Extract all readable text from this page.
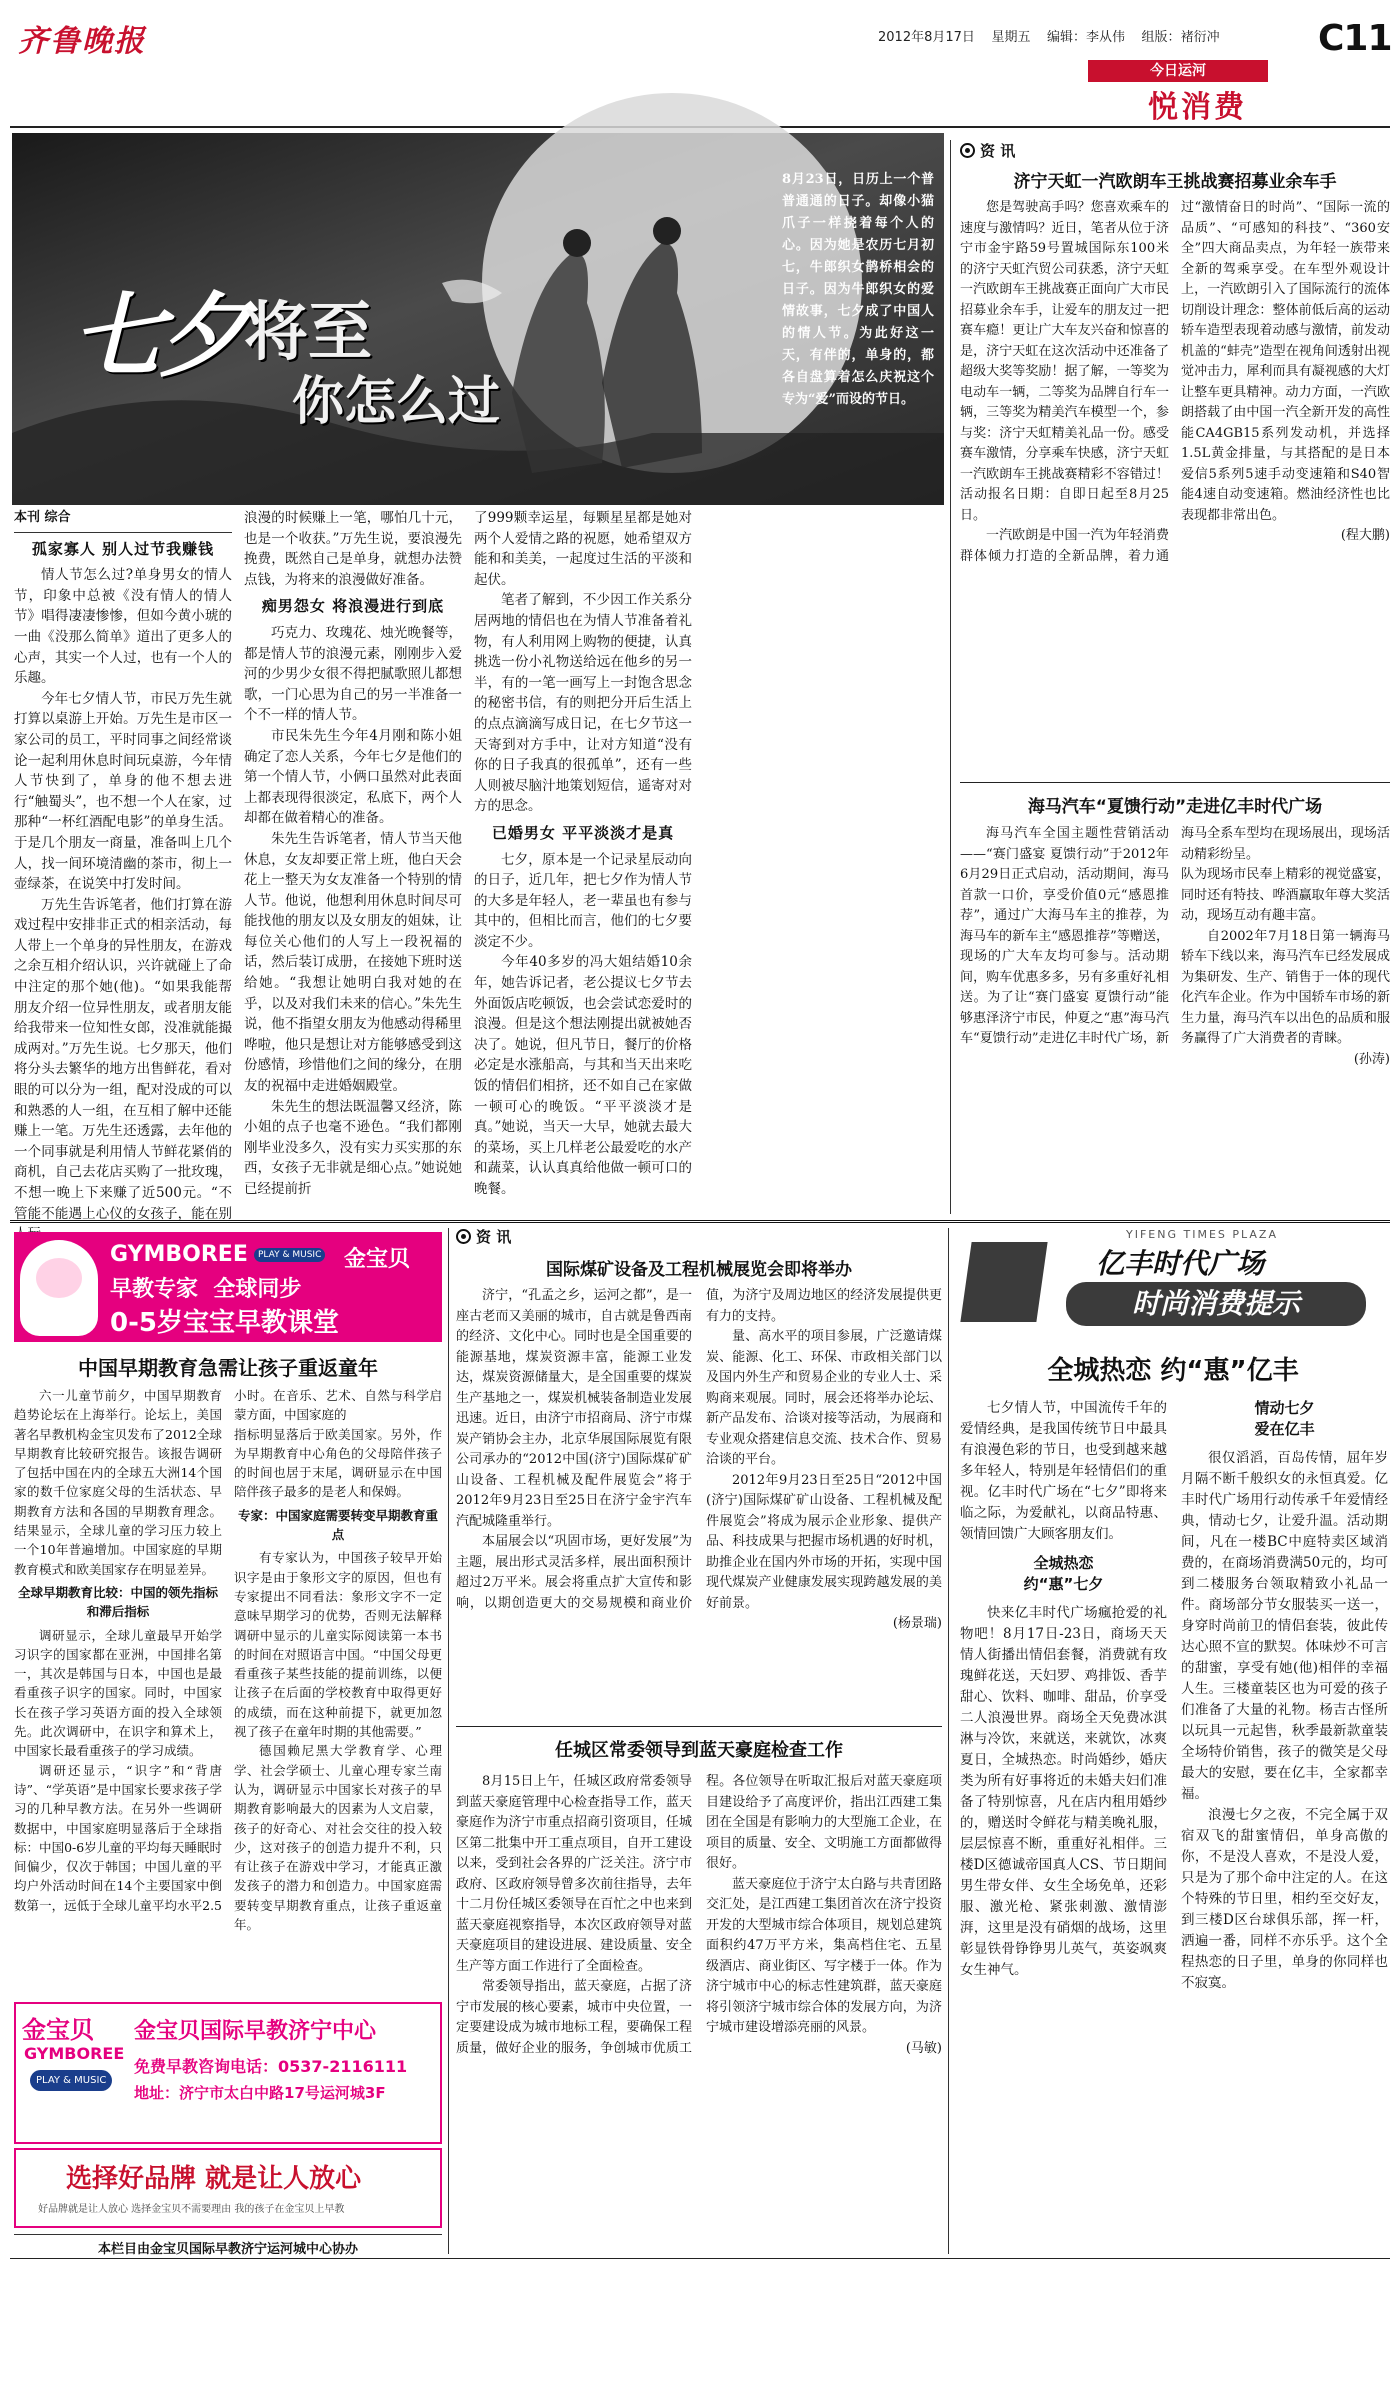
齐鲁晚报	2012年8月17日 星期五 编辑：李从伟 组版：褚衍冲	C11
今日运河
悦消费
七夕 将至
你怎么过
8月23日，日历上一个普普通通的日子。却像小猫爪子一样挠着每个人的心。因为她是农历七月初七，牛郎织女鹊桥相会的日子。因为牛郎织女的爱情故事，七夕成了中国人的情人节。为此好这一天，有伴的，单身的，都各自盘算着怎么庆祝这个专为“爱”而设的节日。
本刊 综合
孤家寡人 别人过节我赚钱

情人节怎么过?单身男女的情人节，印象中总被《没有情人的情人节》唱得凄凄惨惨，但如今黄小琥的一曲《没那么简单》道出了更多人的心声，其实一个人过，也有一个人的乐趣。

今年七夕情人节，市民万先生就打算以桌游上开始。万先生是市区一家公司的员工，平时同事之间经常谈论一起利用休息时间玩桌游，今年情人节快到了，单身的他不想去进行“触蜀头”，也不想一个人在家，过那种“一杯红酒配电影”的单身生活。于是几个朋友一商量，准备叫上几个人，找一间环境清幽的茶市，彻上一壶绿茶，在说笑中打发时间。

万先生告诉笔者，他们打算在游戏过程中安排非正式的相亲活动，每人带上一个单身的异性朋友，在游戏之余互相介绍认识，兴许就碰上了命中注定的那个她(他)。“如果我能帮朋友介绍一位异性朋友，或者朋友能给我带来一位知性女郎，没准就能撮成两对。”万先生说。七夕那天，他们将分头去繁华的地方出售鲜花，看对眼的可以分为一组，配对没成的可以和熟悉的人一组，在互相了解中还能赚上一笔。万先生还透露，去年他的一个同事就是利用情人节鲜花紧俏的商机，自己去花店买购了一批玫瑰，不想一晚上下来赚了近500元。“不管能不能遇上心仪的女孩子，能在别

浪漫的时候赚上一笔，哪怕几十元，也是一个收获。”万先生说，要浪漫先挽费，既然自己是单身，就想办法赞点钱，为将来的浪漫做好准备。

痴男怨女 将浪漫进行到底

巧克力、玫瑰花、烛光晚餐等，都是情人节的浪漫元素，刚刚步入爱河的少男少女很不得把腻歌照儿都想歌，一门心思为自己的另一半准备一个不一样的情人节。

市民朱先生今年4月刚和陈小姐确定了恋人关系，今年七夕是他们的第一个情人节，小俩口虽然对此表面上都表现得很淡定，私底下，两个人却都在做着精心的准备。

朱先生告诉笔者，情人节当天他休息，女友却要正常上班，他白天会花上一整天为女友准备一个特别的情人节。他说，他想利用休息时间尽可能找他的朋友以及女朋友的姐妹，让每位关心他们的人写上一段祝福的话，然后装订成册，在接她下班时送给她。“我想让她明白我对她的在乎，以及对我们未来的信心。”朱先生说，他不指望女朋友为他感动得稀里哗啦，他只是想让对方能够感受到这份感情，珍惜他们之间的缘分，在朋友的祝福中走进婚姻殿堂。

朱先生的想法既温馨又经济，陈小姐的点子也毫不逊色。“我们都刚刚毕业没多久，没有实力买实那的东西，女孩子无非就是细心点。”她说她已经提前折

了999颗幸运星，每颗星星都是她对两个人爱情之路的祝愿，她希望双方能和和美美，一起度过生活的平淡和起伏。

笔者了解到，不少因工作关系分居两地的情侣也在为情人节准备着礼物，有人利用网上购物的便捷，认真挑选一份小礼物送给远在他乡的另一半，有的一笔一画写上一封饱含思念的秘密书信，有的则把分开后生活上的点点滴滴写成日记，在七夕节这一天寄到对方手中，让对方知道“没有你的日子我真的很孤单”，还有一些人则被尽脑汁地策划短信，遥寄对对方的思念。

已婚男女 平平淡淡才是真

七夕，原本是一个记录星辰动向的日子，近几年，把七夕作为情人节的大多是年轻人，老一辈虽也有参与其中的，但相比而言，他们的七夕要淡定不少。

今年40多岁的冯大姐结婚10余年，她告诉记者，老公提议七夕节去外面饭店吃顿饭，也会尝试恋爱时的浪漫。但是这个想法刚提出就被她否决了。她说，但凡节日，餐厅的价格必定是水涨船高，与其和当天出来吃饭的情侣们相挤，还不如自己在家做一顿可心的晚饭。“平平淡淡才是真。”她说，当天一大早，她就去最大的菜场，买上几样老公最爱吃的水产和蔬菜，认认真真给他做一顿可口的晚餐。

资 讯
济宁天虹一汽欧朗车王挑战赛招募业余车手

您是驾驶高手吗？您喜欢乘车的速度与激情吗？近日，笔者从位于济宁市金宇路59号置城国际东100米的济宁天虹汽贸公司获悉，济宁天虹一汽欧朗车王挑战赛正面向广大市民招募业余车手，让爱车的朋友过一把赛车瘾！更让广大车友兴奋和惊喜的是，济宁天虹在这次活动中还准备了超级大奖等奖励！据了解，一等奖为电动车一辆，二等奖为品牌自行车一辆，三等奖为精美汽车模型一个，参与奖：济宁天虹精美礼品一份。感受赛车激情，分享乘车快感，济宁天虹一汽欧朗车王挑战赛精彩不容错过！活动报名日期：自即日起至8月25日。

一汽欧朗是中国一汽为年轻消费群体倾力打造的全新品牌，着力通过“激情奋日的时尚”、“国际一流的品质”、“可感知的科技”、“360安全”四大商品卖点，为年轻一族带来全新的驾乘享受。在车型外观设计上，一汽欧朗引入了国际流行的流体切削设计理念：整体前低后高的运动轿车造型表现着动感与激情，前发动机盖的“蚌壳”造型在视角间透射出视觉冲击力，犀利而具有凝视感的大灯让整车更具精神。动力方面，一汽欧朗搭载了由中国一汽全新开发的高性能CA4GB15系列发动机，并选择1.5L黄金排量，与其搭配的是日本爱信5系列5速手动变速箱和S40智能4速自动变速箱。燃油经济性也比表现都非常出色。

(程大鹏)

海马汽车“夏馈行动”走进亿丰时代广场

海马汽车全国主题性营销活动——“赛门盛宴 夏馈行动”于2012年6月29日正式启动，活动期间，海马首款一口价，享受价值0元“感恩推荐”，通过广大海马车主的推荐，为海马车的新车主“感恩推荐”等赠送，现场的广大车友均可参与。活动期间，购车优惠多多，另有多重好礼相送。为了让“赛门盛宴 夏馈行动”能够惠泽济宁市民，仲夏之“惠”海马汽车“夏馈行动”走进亿丰时代广场，新海马全系车型均在现场展出，现场活动精彩纷呈。

队为现场市民奉上精彩的视觉盛宴，同时还有特技、哗酒赢取年尊大奖活动，现场互动有趣丰富。

自2002年7月18日第一辆海马轿车下线以来，海马汽车已经发展成为集研发、生产、销售于一体的现代化汽车企业。作为中国轿车市场的新生力量，海马汽车以出色的品质和服务赢得了广大消费者的青睐。

(孙涛)

GYMBOREE	PLAY & MUSIC 金宝贝
早教专家 全球同步
0-5岁宝宝早教课堂
中国早期教育急需让孩子重返童年

六一儿童节前夕，中国早期教育趋势论坛在上海举行。论坛上，美国著名早教机构金宝贝发布了2012全球早期教育比较研究报告。该报告调研了包括中国在内的全球五大洲14个国家的数千位家庭父母的生活状态、早期教育方法和各国的早期教育理念。结果显示，全球儿童的学习压力较上一个10年普遍增加。中国家庭的早期教育模式和欧美国家存在明显差异。

全球早期教育比较：中国的领先指标和滞后指标

调研显示，全球儿童最早开始学习识字的国家都在亚洲，中国排名第一，其次是韩国与日本，中国也是最看重孩子识字的国家。同时，中国家长在孩子学习英语方面的投入全球领先。此次调研中，在识字和算术上，中国家长最看重孩子的学习成绩。

调研还显示，“识字”和“背唐诗”、“学英语”是中国家长要求孩子学习的几种早教方法。在另外一些调研数据中，中国家庭明显落后于全球指标：中国0-6岁儿童的平均每天睡眠时间偏少，仅次于韩国；中国儿童的平均户外活动时间在14个主要国家中倒数第一，远低于全球儿童平均水平2.5小时。在音乐、艺术、自然与科学启蒙方面，中国家庭的

指标明显落后于欧美国家。另外，作为早期教育中心角色的父母陪伴孩子的时间也居于末尾，调研显示在中国陪伴孩子最多的是老人和保姆。

专家：中国家庭需要转变早期教育重点

有专家认为，中国孩子较早开始识字是由于象形文字的原因，但也有专家提出不同看法：象形文字不一定意味早期学习的优势，否则无法解释调研中显示的儿童实际阅读第一本书的时间在对照语言中国。“中国父母更看重孩子某些技能的提前训练，以便让孩子在后面的学校教育中取得更好的成绩，而在这种前提下，就更加忽视了孩子在童年时期的其他需要。”

德国赖尼黑大学教育学、心理学、社会学硕士、儿童心理专家兰南认为，调研显示中国家长对孩子的早期教育影响最大的因素为人文启蒙，孩子的好奇心、对社会交往的投入较少，这对孩子的创造力提升不利，只有让孩子在游戏中学习，才能真正激发孩子的潜力和创造力。中国家庭需要转变早期教育重点，让孩子重返童年。

金宝贝
GYMBOREE
PLAY & MUSIC
金宝贝国际早教济宁中心
免费早教咨询电话：0537-2116111
地址：济宁市太白中路17号运河城3F
选择好品牌 就是让人放心
好品牌就是让人放心 选择金宝贝不需要理由 我的孩子在金宝贝上早教
本栏目由金宝贝国际早教济宁运河城中心协办
资 讯
国际煤矿设备及工程机械展览会即将举办

济宁，“孔孟之乡，运河之都”，是一座古老而又美丽的城市，自古就是鲁西南的经济、文化中心。同时也是全国重要的能源基地，煤炭资源丰富，能源工业发达，煤炭资源储量大，是全国重要的煤炭生产基地之一，煤炭机械装备制造业发展迅速。近日，由济宁市招商局、济宁市煤炭产销协会主办，北京华展国际展览有限公司承办的“2012中国(济宁)国际煤矿矿山设备、工程机械及配件展览会”将于2012年9月23日至25日在济宁金宇汽车汽配城隆重举行。

本届展会以“巩固市场，更好发展”为主题，展出形式灵活多样，展出面积预计超过2万平米。展会将重点扩大宣传和影响，以期创造更大的交易规模和商业价值，为济宁及周边地区的经济发展提供更有力的支持。

量、高水平的项目参展，广泛邀请煤炭、能源、化工、环保、市政相关部门以及国内外生产和贸易企业的专业人士、采购商来观展。同时，展会还将举办论坛、新产品发布、洽谈对接等活动，为展商和专业观众搭建信息交流、技术合作、贸易洽谈的平台。

2012年9月23日至25日“2012中国(济宁)国际煤矿矿山设备、工程机械及配件展览会”将成为展示企业形象、提供产品、科技成果与把握市场机遇的好时机，助推企业在国内外市场的开拓，实现中国现代煤炭产业健康发展实现跨越发展的美好前景。

(杨景瑞)

任城区常委领导到蓝天豪庭检查工作

8月15日上午，任城区政府常委领导到蓝天豪庭管理中心检查指导工作，蓝天豪庭作为济宁市重点招商引资项目，任城区第二批集中开工重点项目，自开工建设以来，受到社会各界的广泛关注。济宁市政府、区政府领导曾多次前往指导，去年十二月份任城区委领导在百忙之中也来到蓝天豪庭视察指导，本次区政府领导对蓝天豪庭项目的建设进展、建设质量、安全生产等方面工作进行了全面检查。

常委领导指出，蓝天豪庭，占据了济宁市发展的核心要素，城市中央位置，一定要建设成为城市地标工程，要确保工程质量，做好企业的服务，争创城市优质工程。各位领导在听取汇报后对蓝天豪庭项目建设给予了高度评价，指出江西建工集团在全国是有影响力的大型施工企业，在项目的质量、安全、文明施工方面都做得很好。

蓝天豪庭位于济宁太白路与共青团路交汇处，是江西建工集团首次在济宁投资开发的大型城市综合体项目，规划总建筑面积约47万平方米，集高档住宅、五星级酒店、商业街区、写字楼于一体。作为济宁城市中心的标志性建筑群，蓝天豪庭将引领济宁城市综合体的发展方向，为济宁城市建设增添亮丽的风景。

(马敏)

YIFENG TIMES PLAZA
亿丰时代广场
时尚消费提示
全城热恋 约“惠”亿丰

七夕情人节，中国流传千年的爱情经典，是我国传统节日中最具有浪漫色彩的节日，也受到越来越多年轻人，特别是年轻情侣们的重视。亿丰时代广场在“七夕”即将来临之际，为爱献礼，以商品特惠、领情回馈广大顾客朋友们。

全城热恋
约“惠”七夕

快来亿丰时代广场瘋抢爱的礼物吧！8月17日-23日，商场天天情人街播出情侣套餐，消费就有玫瑰鲜花送，天妇罗、鸡排饭、香芋甜心、饮料、咖啡、甜品，价享受二人浪漫世界。商场全天免费冰淇淋与冷饮，来就送，来就饮，冰爽夏日，全城热恋。时尚婚纱，婚庆类为所有好事将近的未婚夫妇们准备了特别惊喜，凡在店内租用婚纱的，赠送时令鲜花与精美晚礼服，层层惊喜不断，重重好礼相伴。三楼D区德诚帝国真人CS、节日期间男生带女伴、女生全场免单，还彩服、激光枪、紧张刺激、激情澎湃，这里是没有硝烟的战场，这里彰显铁骨铮铮男儿英气，英姿飒爽女生神气。

情动七夕
爱在亿丰

很仅滔滔，百岛传情，屈年岁月隔不断千般织女的永恒真爱。亿丰时代广场用行动传承千年爱情经典，情动七夕，让爱升温。活动期间，凡在一楼BC中庭特卖区域消费的，在商场消费满50元的，均可到二楼服务台领取精致小礼品一件。商场部分节女服装买一送一，身穿时尚前卫的情侣套装，彼此传达心照不宣的默契。体味炒不可言的甜蜜，享受有她(他)相伴的幸福人生。三楼童装区也为可爱的孩子们准备了大量的礼物。杨吉古怪所以玩具一元起售，秋季最新款童装全场特价销售，孩子的微笑是父母最大的安慰，要在亿丰，全家都幸福。

浪漫七夕之夜，不完全属于双宿双飞的甜蜜情侣，单身高傲的你，不是没人喜欢，不是没人爱，只是为了那个命中注定的人。在这个特殊的节日里，相约至交好友，到三楼D区台球俱乐部，挥一杆，洒遍一番，同样不亦乐乎。这个全程热恋的日子里，单身的你同样也不寂寞。
